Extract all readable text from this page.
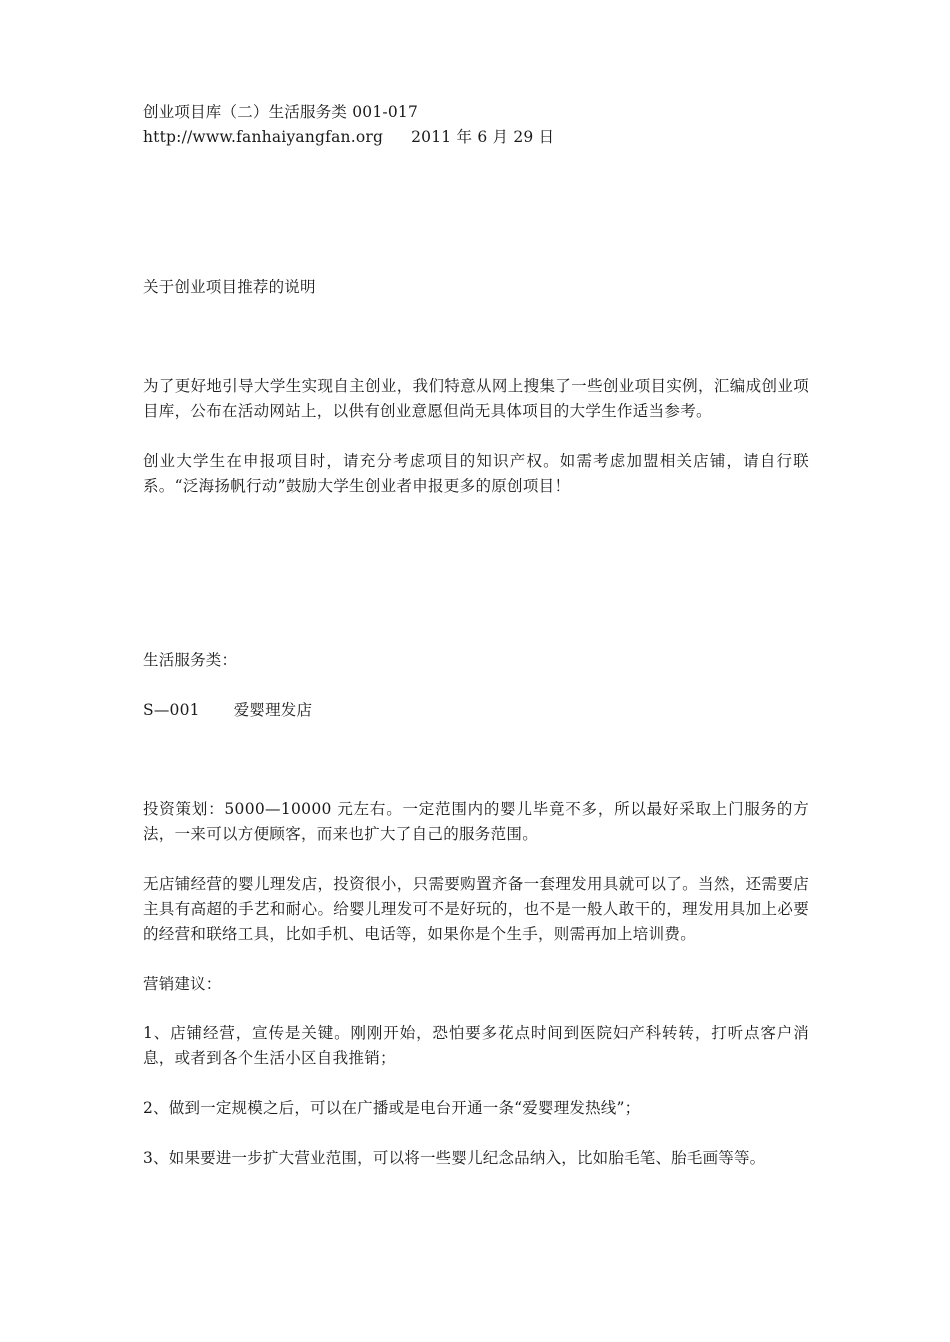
创业项目库（二）生活服务类 001-017
http://www.fanhaiyangfan.org 2011 年 6 月 29 日
关于创业项目推荐的说明
为了更好地引导大学生实现自主创业，我们特意从网上搜集了一些创业项目实例，汇编成创业项目库，公布在活动网站上，以供有创业意愿但尚无具体项目的大学生作适当参考。
创业大学生在申报项目时，请充分考虑项目的知识产权。如需考虑加盟相关店铺，请自行联系。“泛海扬帆行动”鼓励大学生创业者申报更多的原创项目！
生活服务类：
S—001 爱婴理发店
投资策划：5000—10000 元左右。一定范围内的婴儿毕竟不多，所以最好采取上门服务的方法，一来可以方便顾客，而来也扩大了自己的服务范围。
无店铺经营的婴儿理发店，投资很小，只需要购置齐备一套理发用具就可以了。当然，还需要店主具有高超的手艺和耐心。给婴儿理发可不是好玩的，也不是一般人敢干的，理发用具加上必要的经营和联络工具，比如手机、电话等，如果你是个生手，则需再加上培训费。
营销建议：
1、店铺经营，宣传是关键。刚刚开始，恐怕要多花点时间到医院妇产科转转，打听点客户消息，或者到各个生活小区自我推销；
2、做到一定规模之后，可以在广播或是电台开通一条“爱婴理发热线”；
3、如果要进一步扩大营业范围，可以将一些婴儿纪念品纳入，比如胎毛笔、胎毛画等等。
